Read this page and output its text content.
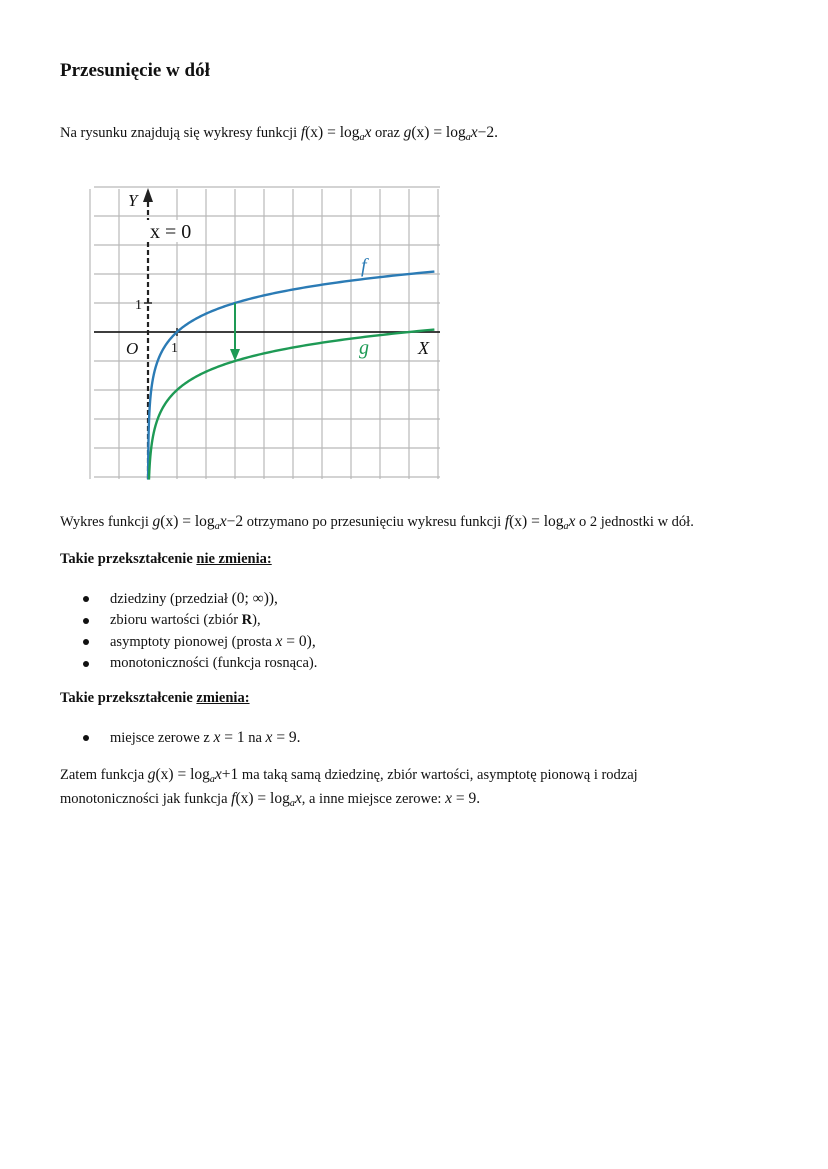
Przesunięcie w dół
Na rysunku znajdują się wykresy funkcji $f(x) = \log_ax$ oraz $g(x) = \log_ax-2$.
x = 0
Y
X
O 1
1
f
g
Wykres funkcji $g(x) = \log_ax-2$ otrzymano po przesunięciu wykresu funkcji $f(x) = \log_ax$ o 2 jednostki w dół.
Takie przekształcenie nie zmienia:
dziedziny (przedział (0; ∞)),
zbioru wartości (zbiór R),
asymptoty pionowej (prosta x = 0),
monotoniczności (funkcja rosnąca).
Takie przekształcenie zmienia:
miejsce zerowe z x = 1 na x = 9.
Zatem funkcja $g(x) = \log_ax+1$ ma taką samą dziedzinę, zbiór wartości, asymptotę pionową i rodzaj
monotoniczności jak funkcja $f(x) = \log_ax$, a inne miejsce zerowe: x = 9.
